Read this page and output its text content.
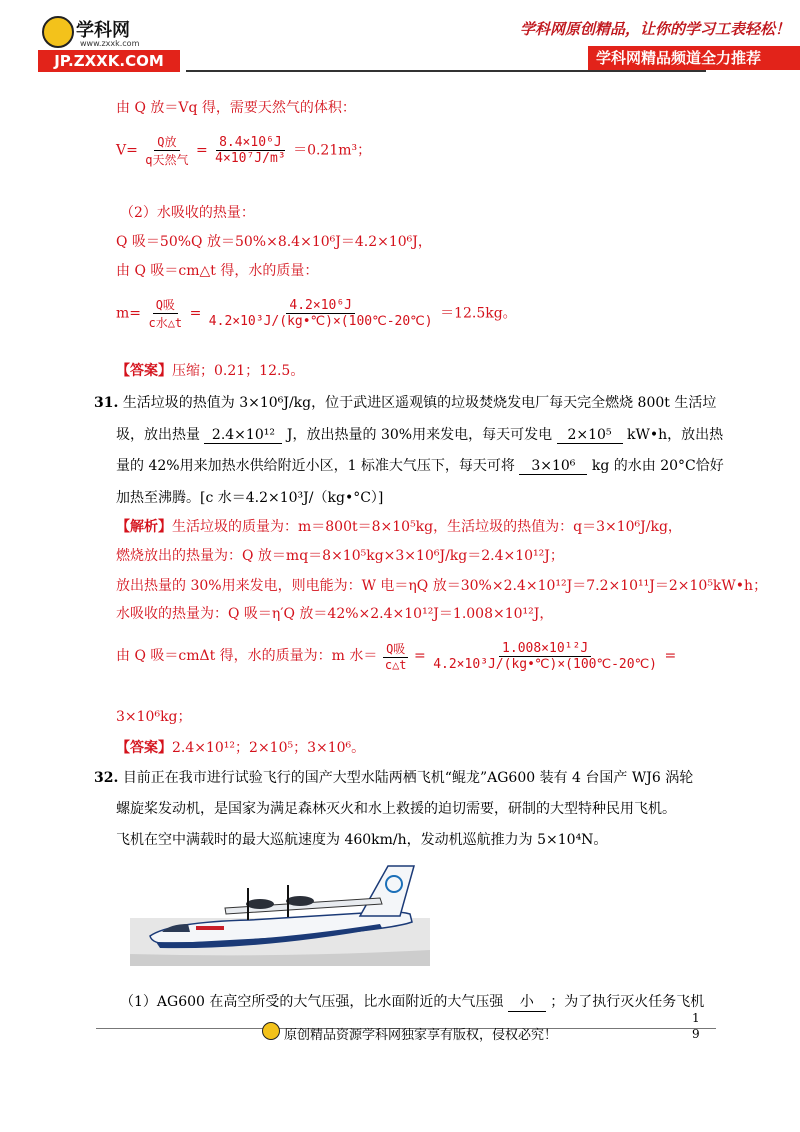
学科网
www.zxxk.com
JP.ZXXK.COM
学科网原创精品，让你的学习工表轻松！
学科网精品频道全力推荐
由 Q 放＝Vq 得，需要天然气的体积：
$V= \frac{\text{Q放}}{\text{q天然气}} = \frac{\text{8.4×10⁶J}}{\text{4×10⁷J/m³}} =0.21m^3$；
（2）水吸收的热量：
Q 吸＝50%Q 放＝50%×8.4×10⁶J＝4.2×10⁶J，
由 Q 吸＝cm△t 得，水的质量：
$m= \frac{\text{Q吸}}{\text{c水△t}} = \frac{\text{4.2×10⁶J}}{\text{4.2×10³J/(kg•℃)×(100℃-20℃)}} =12.5kg$。
【答案】压缩；0.21；12.5。
31. 生活垃圾的热值为 3×10⁶J/kg，位于武进区遥观镇的垃圾焚烧发电厂每天完全燃烧 800t 生活垃
圾，放出热量 2.4×10¹² J，放出热量的 30%用来发电，每天可发电 2×10⁵ kW•h，放出热
量的 42%用来加热水供给附近小区，1 标准大气压下，每天可将 3×10⁶ kg 的水由 20°C恰好
加热至沸腾。[c 水＝4.2×10³J/（kg•°C）]
【解析】生活垃圾的质量为：m＝800t＝8×10⁵kg，生活垃圾的热值为：q＝3×10⁶J/kg，
燃烧放出的热量为：Q 放＝mq＝8×10⁵kg×3×10⁶J/kg＝2.4×10¹²J；
放出热量的 30%用来发电，则电能为：W 电＝ηQ 放＝30%×2.4×10¹²J＝7.2×10¹¹J＝2×10⁵kW•h；
水吸收的热量为：Q 吸＝η′Q 放＝42%×2.4×10¹²J＝1.008×10¹²J，
由 Q 吸＝cmΔt 得，水的质量为：m 水＝ $\frac{\text{Q吸}}{c\triangle t} = \frac{\text{1.008×10¹²J}}{\text{4.2×10³J/(kg•℃)×(100℃-20℃)}}$ =
3×10⁶kg；
【答案】2.4×10¹²；2×10⁵；3×10⁶。
32. 目前正在我市进行试验飞行的国产大型水陆两栖飞机“鲲龙”AG600 装有 4 台国产 WJ6 涡轮
螺旋桨发动机，是国家为满足森林灭火和水上救援的迫切需要，研制的大型特种民用飞机。
飞机在空中满载时的最大巡航速度为 460km/h，发动机巡航推力为 5×10⁴N。
（1）AG600 在高空所受的大气压强，比水面附近的大气压强 小 ；为了执行灭火任务飞机
原创精品资源学科网独家享有版权，侵权必究！
1
9
